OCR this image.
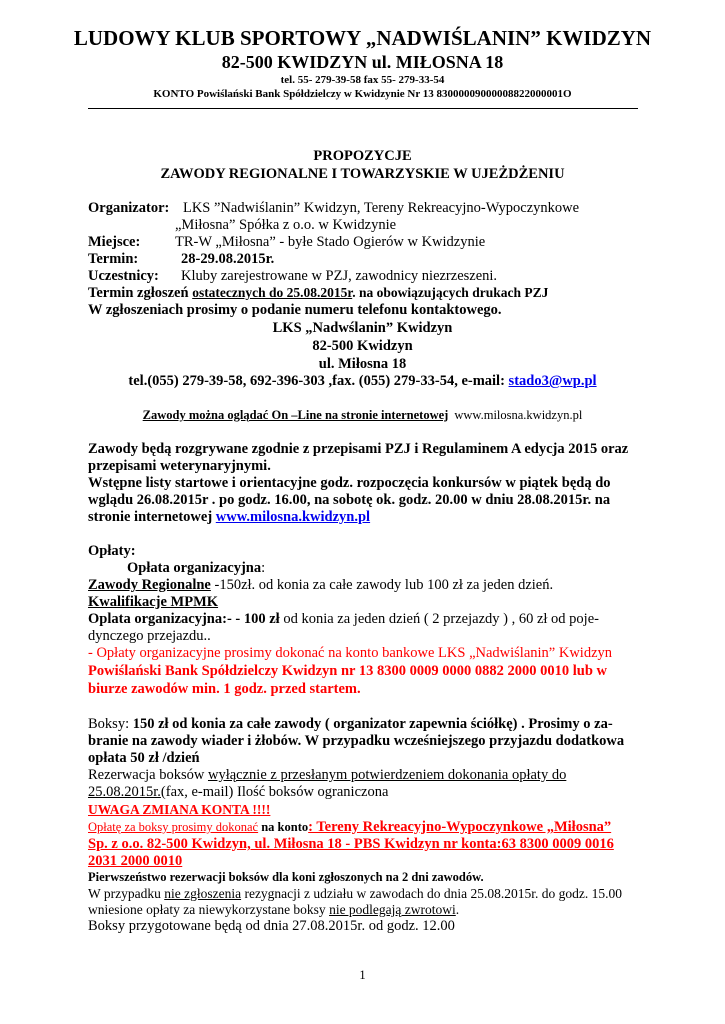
LUDOWY KLUB SPORTOWY „NADWIŚLANIN” KWIDZYN
82-500 KWIDZYN ul. MIŁOSNA 18
tel. 55- 279-39-58 fax 55- 279-33-54
KONTO Powiślański Bank Spółdzielczy w Kwidzynie Nr 13 83000009000008822000001O
PROPOZYCJE
ZAWODY REGIONALNE I TOWARZYSKIE W UJEŻDŻENIU
Organizator: LKS ”Nadwiślanin” Kwidzyn, Tereny Rekreacyjno-Wypoczynkowe
„Miłosna” Spółka z o.o. w Kwidzynie
Miejsce: TR-W „Miłosna” - byłe Stado Ogierów w Kwidzynie
Termin:	28-29.08.2015r.
Uczestnicy: Kluby zarejestrowane w PZJ, zawodnicy niezrzeszeni.
Termin zgłoszeń ostatecznych do 25.08.2015r. na obowiązujących drukach PZJ
W zgłoszeniach prosimy o podanie numeru telefonu kontaktowego.
LKS „Nadwślanin” Kwidzyn
82-500 Kwidzyn
ul. Miłosna 18
tel.(055) 279-39-58, 692-396-303 ,fax. (055) 279-33-54, e-mail: stado3@wp.pl
Zawody można oglądać On –Line na stronie internetowej www.milosna.kwidzyn.pl
Zawody będą rozgrywane zgodnie z przepisami PZJ i Regulaminem A edycja 2015 oraz
przepisami weterynaryjnymi.
Wstępne listy startowe i orientacyjne godz. rozpoczęcia konkursów w piątek będą do
wglądu 26.08.2015r . po godz. 16.00, na sobotę ok. godz. 20.00 w dniu 28.08.2015r. na
stronie internetowej www.milosna.kwidzyn.pl
Opłaty:
Opłata organizacyjna:
Zawody Regionalne -150zł. od konia za całe zawody lub 100 zł za jeden dzień.
Kwalifikacje MPMK
Oplata organizacyjna:- - 100 zł od konia za jeden dzień ( 2 przejazdy ) , 60 zł od poje-
dynczego przejazdu..
- Opłaty organizacyjne prosimy dokonać na konto bankowe LKS „Nadwiślanin” Kwidzyn
Powiślański Bank Spółdzielczy Kwidzyn nr 13 8300 0009 0000 0882 2000 0010 lub w
biurze zawodów min. 1 godz. przed startem.
Boksy: 150 zł od konia za całe zawody ( organizator zapewnia ściółkę) . Prosimy o za-
branie na zawody wiader i żłobów. W przypadku wcześniejszego przyjazdu dodatkowa
opłata 50 zł /dzień
Rezerwacja boksów wyłącznie z przesłanym potwierdzeniem dokonania opłaty do
25.08.2015r.(fax, e-mail) Ilość boksów ograniczona
UWAGA ZMIANA KONTA !!!!
Opłatę za boksy prosimy dokonać na konto: Tereny Rekreacyjno-Wypoczynkowe „Miłosna”
Sp. z o.o. 82-500 Kwidzyn, ul. Miłosna 18 - PBS Kwidzyn nr konta:63 8300 0009 0016
2031 2000 0010
Pierwszeństwo rezerwacji boksów dla koni zgłoszonych na 2 dni zawodów.
W przypadku nie zgłoszenia rezygnacji z udziału w zawodach do dnia 25.08.2015r. do godz. 15.00
wniesione opłaty za niewykorzystane boksy nie podlegają zwrotowi.
Boksy przygotowane będą od dnia 27.08.2015r. od godz. 12.00
1
